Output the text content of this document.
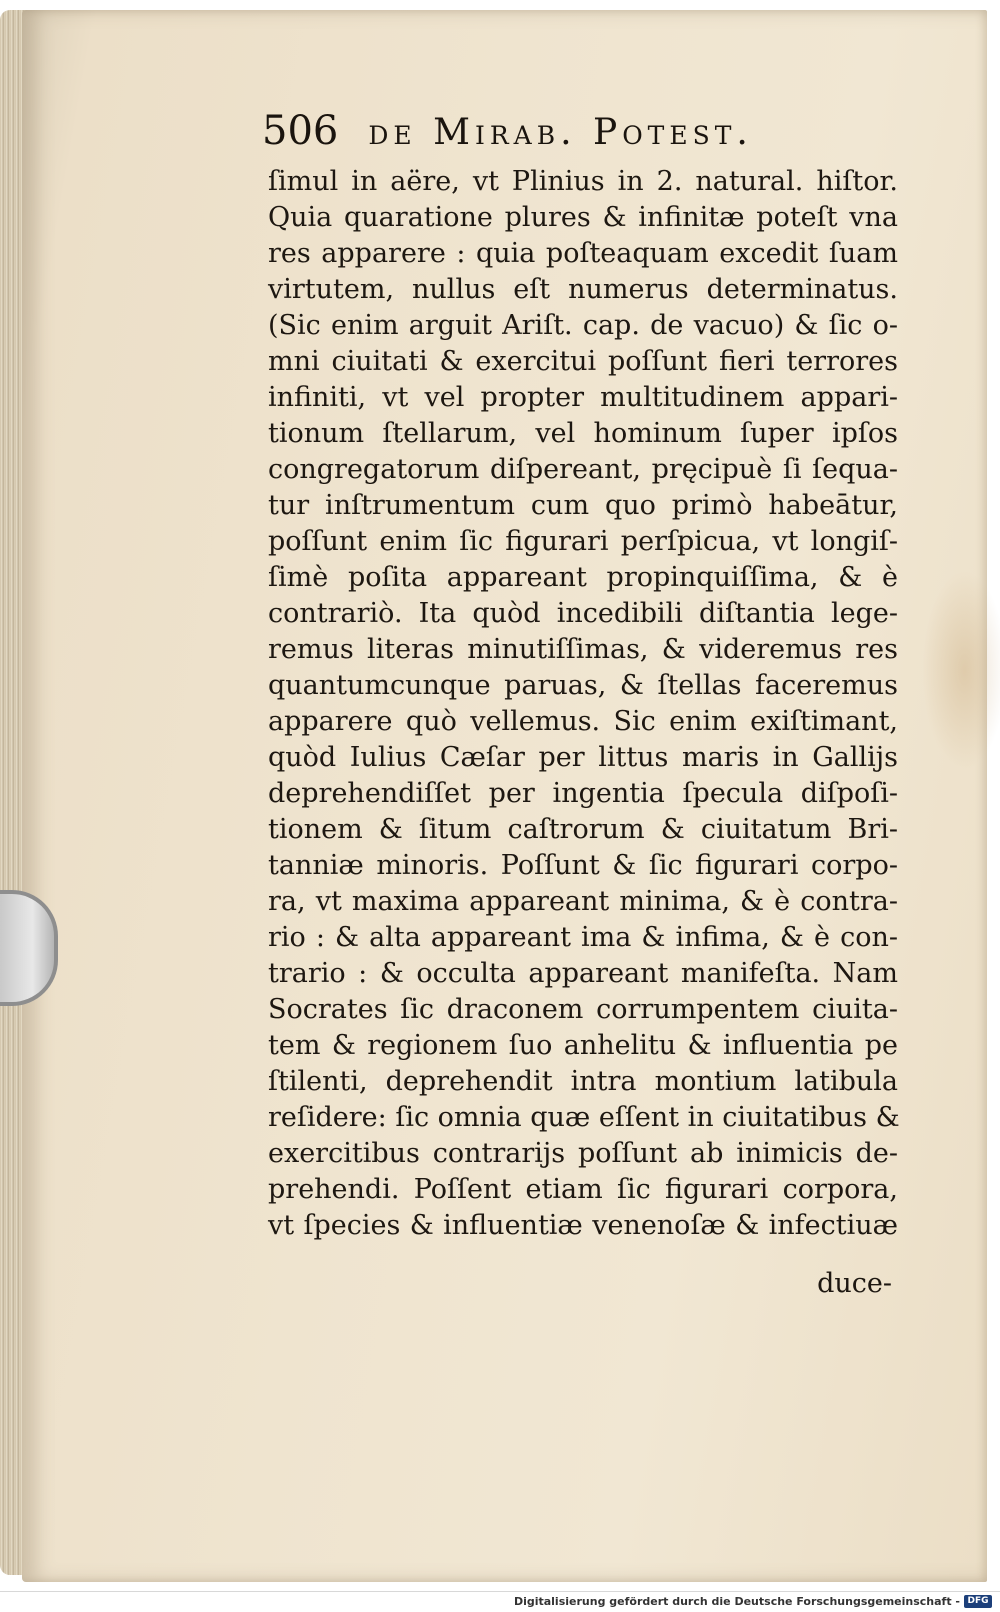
506 de Mirab. Potest.
ſimul in aëre, vt Plinius in 2. natural. hiſtor.
Quia quaratione plures & infinitæ poteſt vna
res apparere : quia poſteaquam excedit ſuam
virtutem, nullus eſt numerus determinatus.
(Sic enim arguit Ariſt. cap. de vacuo) & ſic o-
mni ciuitati & exercitui poſſunt fieri terrores
infiniti, vt vel propter multitudinem appari-
tionum ſtellarum, vel hominum ſuper ipſos
congregatorum diſpereant, pręcipuè ſi ſequa-
tur inſtrumentum cum quo primò habeātur,
poſſunt enim ſic figurari perſpicua, vt longiſ-
ſimè poſita appareant propinquiſſima, & è
contrariò. Ita quòd incedibili diſtantia lege-
remus literas minutiſſimas, & videremus res
quantumcunque paruas, & ſtellas faceremus
apparere quò vellemus. Sic enim exiſtimant,
quòd Iulius Cæſar per littus maris in Gallijs
deprehendiſſet per ingentia ſpecula diſpoſi-
tionem & ſitum caſtrorum & ciuitatum Bri-
tanniæ minoris. Poſſunt & ſic figurari corpo-
ra, vt maxima appareant minima, & è contra-
rio : & alta appareant ima & infima, & è con-
trario : & occulta appareant manifeſta. Nam
Socrates ſic draconem corrumpentem ciuita-
tem & regionem ſuo anhelitu & influentia pe
ſtilenti, deprehendit intra montium latibula
reſidere: ſic omnia quæ eſſent in ciuitatibus &
exercitibus contrarijs poſſunt ab inimicis de-
prehendi. Poſſent etiam ſic figurari corpora,
vt ſpecies & influentiæ venenoſæ & infectiuæ
duce-
Digitalisierung gefördert durch die Deutsche Forschungsgemeinschaft - DFG
